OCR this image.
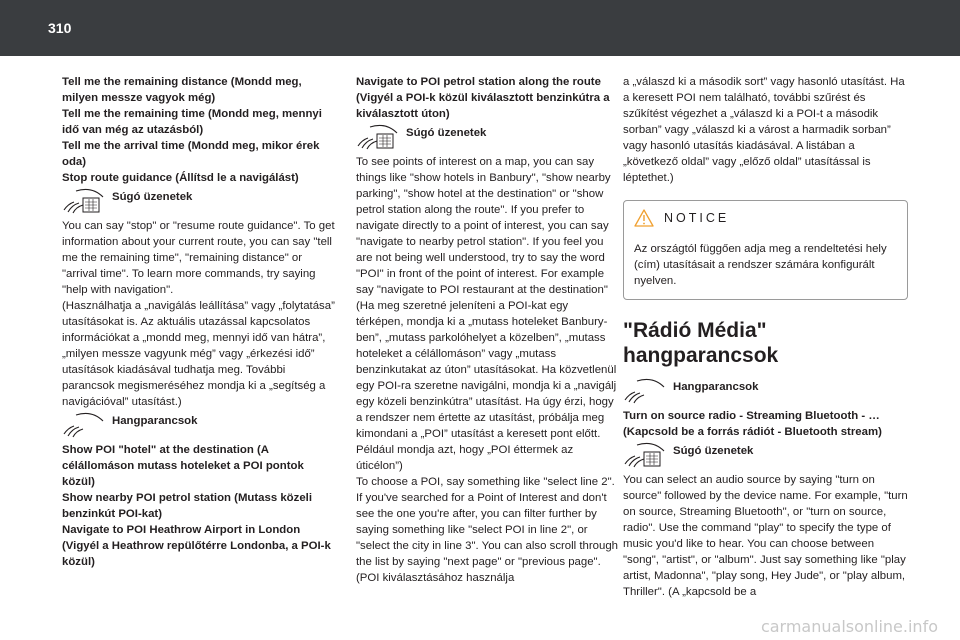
310
Tell me the remaining distance (Mondd meg, milyen messze vagyok még)
Tell me the remaining time (Mondd meg, mennyi idő van még az utazásból)
Tell me the arrival time (Mondd meg, mikor érek oda)
Stop route guidance (Állítsd le a navigálást)
Súgó üzenetek
You can say "stop" or "resume route guidance". To get information about your current route, you can say "tell me the remaining time", "remaining distance" or "arrival time". To learn more commands, try saying "help with navigation".
(Használhatja a „navigálás leállítása” vagy „folytatása” utasításokat is. Az aktuális utazással kapcsolatos információkat a „mondd meg, mennyi idő van hátra”, „milyen messze vagyunk még” vagy „érkezési idő” utasítások kiadásával tudhatja meg. További parancsok megismeréséhez mondja ki a „segítség a navigációval” utasítást.)
Hangparancsok
Show POI "hotel" at the destination (A célállomáson mutass hoteleket a POI pontok közül)
Show nearby POI petrol station (Mutass közeli benzinkút POI-kat)
Navigate to POI Heathrow Airport in London (Vigyél a Heathrow repülőtérre Londonba, a POI-k közül)
Navigate to POI petrol station along the route (Vigyél a POI-k közül kiválasztott benzinkútra a kiválasztott úton)
Súgó üzenetek
To see points of interest on a map, you can say things like "show hotels in Banbury", "show nearby parking", "show hotel at the destination" or "show petrol station along the route". If you prefer to navigate directly to a point of interest, you can say "navigate to nearby petrol station". If you feel you are not being well understood, try to say the word "POI" in front of the point of interest. For example say "navigate to POI restaurant at the destination" (Ha meg szeretné jeleníteni a POI-kat egy térképen, mondja ki a „mutass hoteleket Banbury-ben”, „mutass parkolóhelyet a közelben”, „mutass hoteleket a célállomáson” vagy „mutass benzinkutakat az úton” utasításokat. Ha közvetlenül egy POI-ra szeretne navigálni, mondja ki a „navigálj egy közeli benzinkútra” utasítást. Ha úgy érzi, hogy a rendszer nem értette az utasítást, próbálja meg kimondani a „POI” utasítást a keresett pont előtt. Például mondja azt, hogy „POI éttermek az úticélon”)
To choose a POI, say something like "select line 2". If you've searched for a Point of Interest and don't see the one you're after, you can filter further by saying something like "select POI in line 2", or "select the city in line 3". You can also scroll through the list by saying "next page" or "previous page". (POI kiválasztásához használja
a „válaszd ki a második sort” vagy hasonló utasítást. Ha a keresett POI nem található, további szűrést és szűkítést végezhet a „válaszd ki a POI-t a második sorban” vagy „válaszd ki a várost a harmadik sorban” vagy hasonló utasítás kiadásával. A listában a „következő oldal” vagy „előző oldal” utasítással is léptethet.)
NOTICE
Az országtól függően adja meg a rendeltetési hely (cím) utasításait a rendszer számára konfigurált nyelven.
"Rádió Média" hangparancsok
Hangparancsok
Turn on source radio - Streaming Bluetooth - … (Kapcsold be a forrás rádiót - Bluetooth stream)
Súgó üzenetek
You can select an audio source by saying "turn on source" followed by the device name. For example, "turn on source, Streaming Bluetooth", or "turn on source, radio". Use the command "play" to specify the type of music you'd like to hear. You can choose between "song", "artist", or "album". Just say something like "play artist, Madonna", "play song, Hey Jude", or "play album, Thriller". (A „kapcsold be a
carmanualsonline.info
